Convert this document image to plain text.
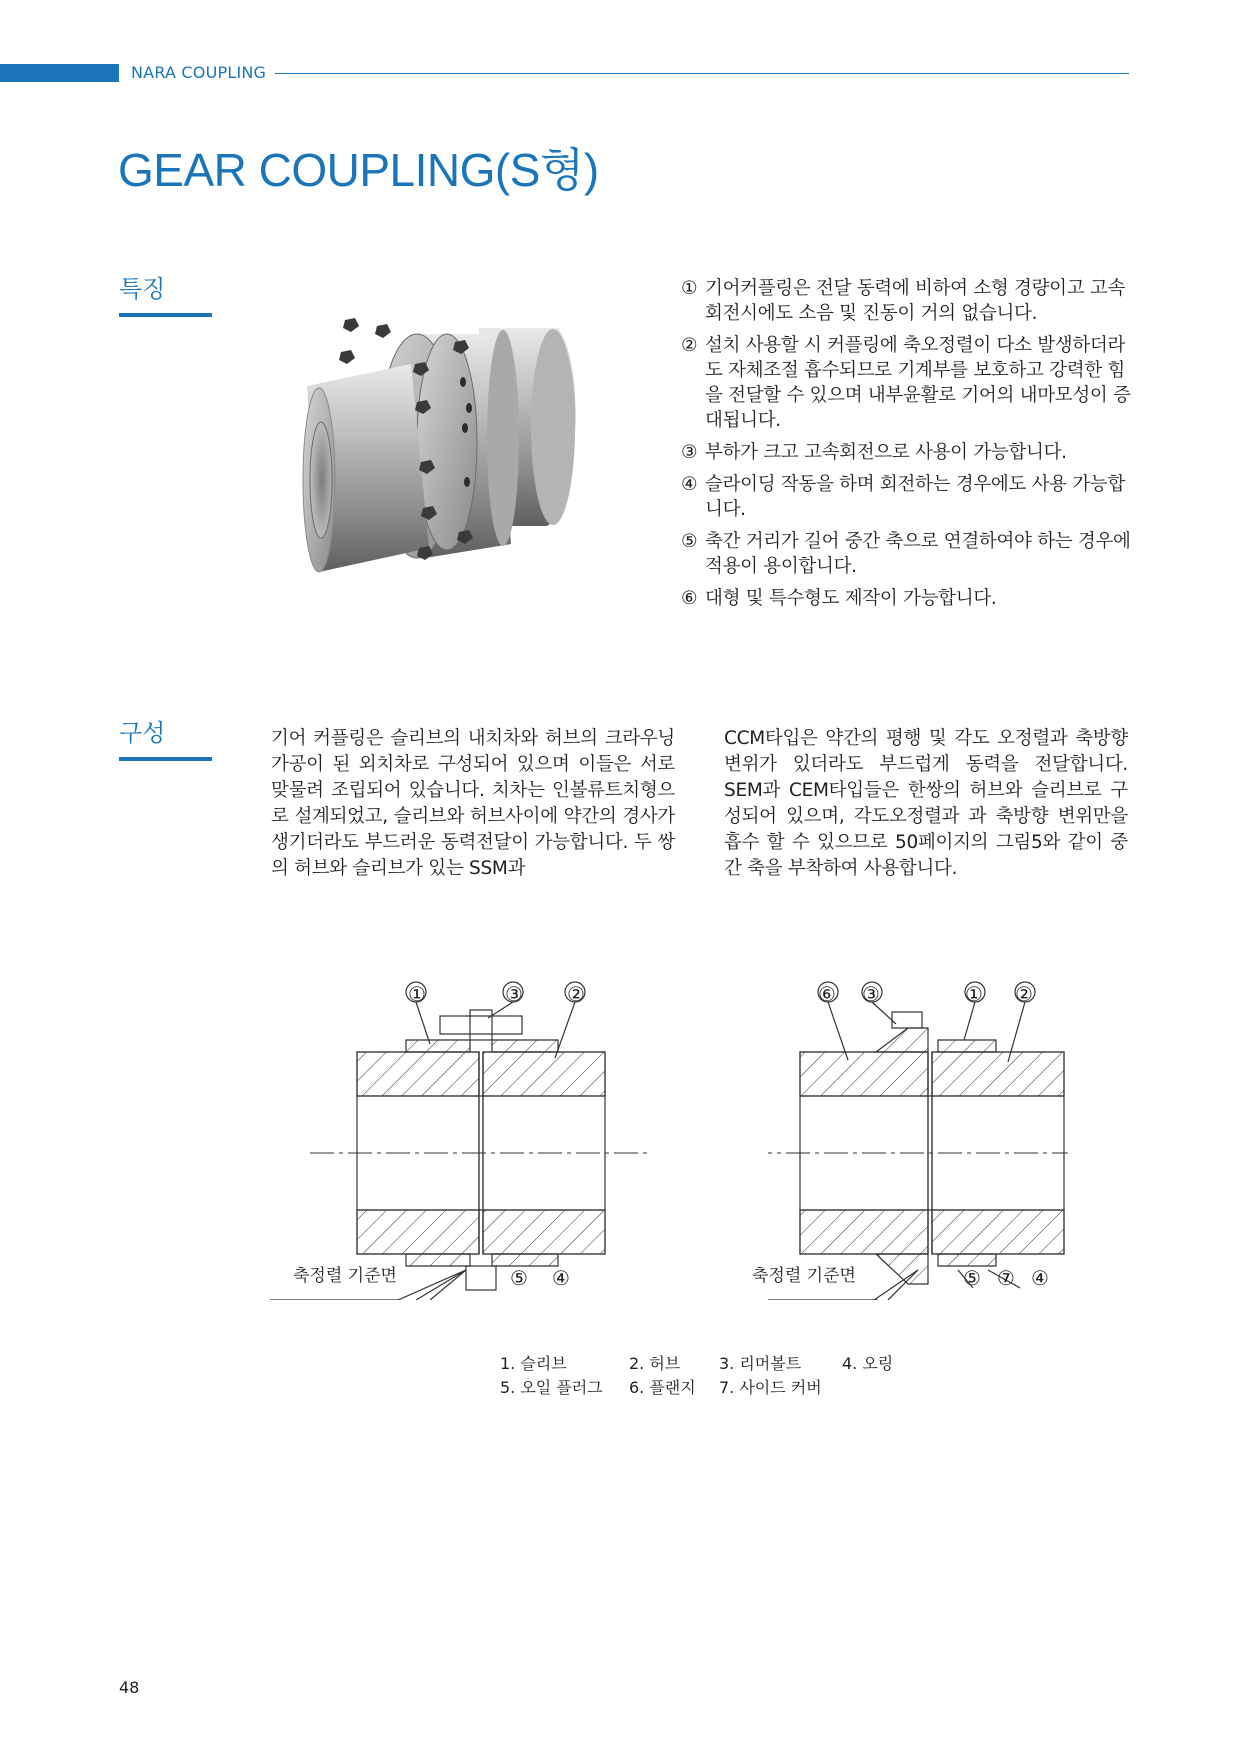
NARA COUPLING
GEAR COUPLING(S형)
특징	① 기어커플링은 전달 동력에 비하여 소형 경량이고 고속 회전시에도 소음 및 진동이 거의 없습니다.
② 설치 사용할 시 커플링에 축오정렬이 다소 발생하더라도 자체조절 흡수되므로 기계부를 보호하고 강력한 힘을 전달할 수 있으며 내부윤활로 기어의 내마모성이 증대됩니다.
③ 부하가 크고 고속회전으로 사용이 가능합니다.
④ 슬라이딩 작동을 하며 회전하는 경우에도 사용 가능합니다.
⑤ 축간 거리가 길어 중간 축으로 연결하여야 하는 경우에 적용이 용이합니다.
⑥ 대형 및 특수형도 제작이 가능합니다.
구성	기어 커플링은 슬리브의 내치차와 허브의 크라우닝 가공이 된 외치차로 구성되어 있으며 이들은 서로 맞물려 조립되어 있습니다. 치차는 인볼류트치형으로 설계되었고, 슬리브와 허브사이에 약간의 경사가 생기더라도 부드러운 동력전달이 가능합니다. 두 쌍의 허브와 슬리브가 있는 SSM과

CCM타입은 약간의 평행 및 각도 오정렬과 축방향 변위가 있더라도 부드럽게 동력을 전달합니다. SEM과 CEM타입들은 한쌍의 허브와 슬리브로 구성되어 있으며, 각도오정렬과 과 축방향 변위만을 흡수 할 수 있으므로 50페이지의 그림5와 같이 중간 축을 부착하여 사용합니다.

①	③ ②
⑤ ④
축정렬 기준면
⑥ ③	① ②
⑤ ⑦ ④
축정렬 기준면
1. 슬리브	2. 허브 3. 리머볼트	4. 오링
5. 오일 플러그 6. 플랜지 7. 사이드 커버
48
